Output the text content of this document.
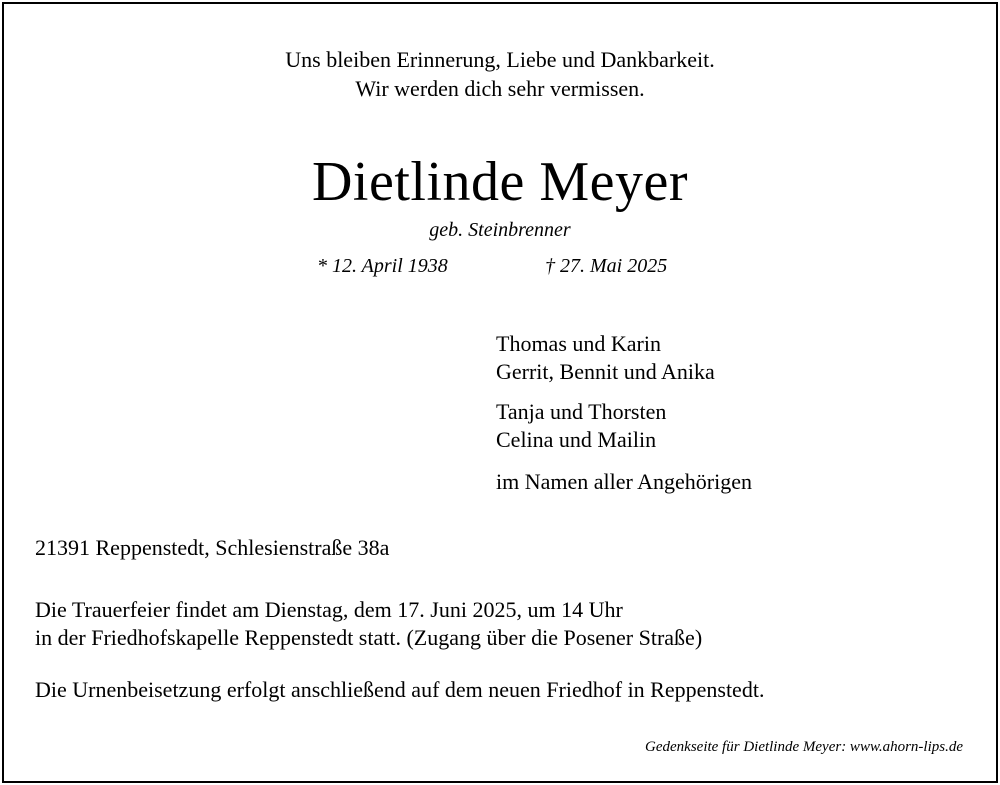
Uns bleiben Erinnerung, Liebe und Dankbarkeit.
Wir werden dich sehr vermissen.
Dietlinde Meyer
geb. Steinbrenner
* 12. April 1938	† 27. Mai 2025
Thomas und Karin
Gerrit, Bennit und Anika
Tanja und Thorsten
Celina und Mailin
im Namen aller Angehörigen
21391 Reppenstedt, Schlesienstraße 38a
Die Trauerfeier findet am Dienstag, dem 17. Juni 2025, um 14 Uhr
in der Friedhofskapelle Reppenstedt statt. (Zugang über die Posener Straße)
Die Urnenbeisetzung erfolgt anschließend auf dem neuen Friedhof in Reppenstedt.
Gedenkseite für Dietlinde Meyer: www.ahorn-lips.de
